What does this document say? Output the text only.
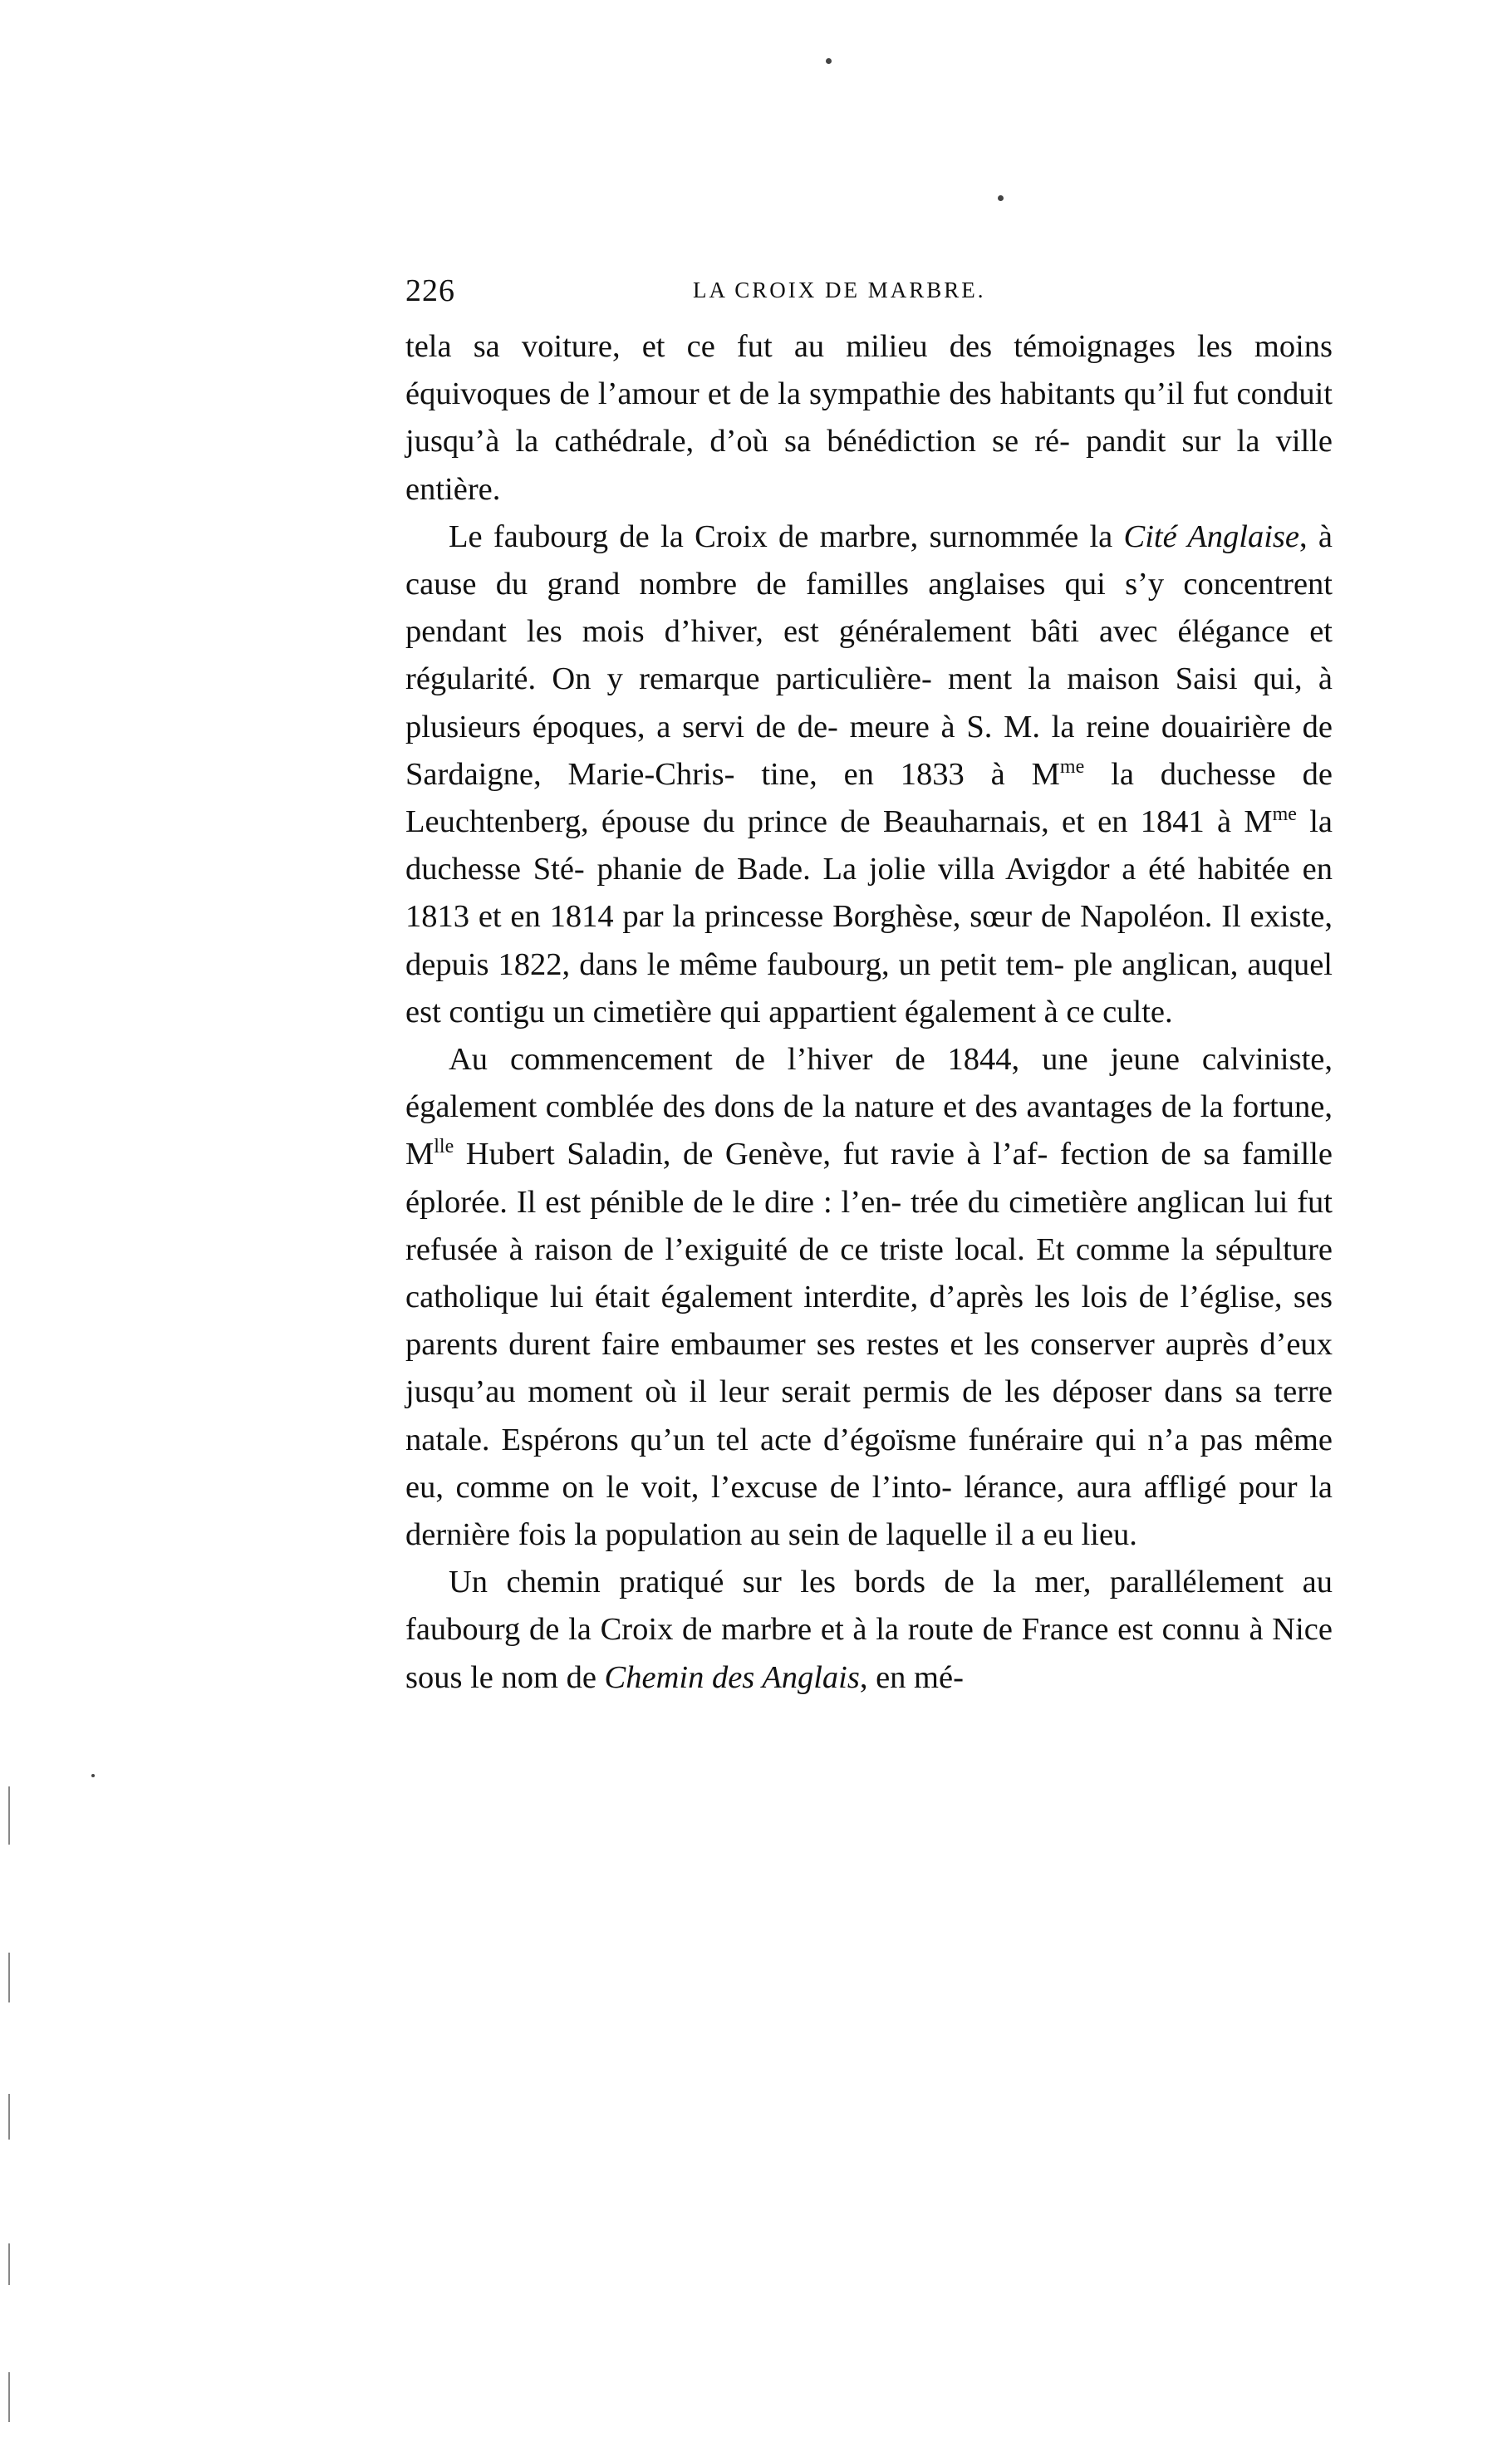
226	LA CROIX DE MARBRE.

tela sa voiture, et ce fut au milieu des témoignages les moins équivoques de l’amour et de la sympathie des habitants qu’il fut conduit jusqu’à la cathédrale, d’où sa bénédiction se ré- pandit sur la ville entière.

Le faubourg de la Croix de marbre, surnommée la Cité Anglaise, à cause du grand nombre de familles anglaises qui s’y concentrent pendant les mois d’hiver, est généralement bâti avec élégance et régularité. On y remarque particulière- ment la maison Saisi qui, à plusieurs époques, a servi de de- meure à S. M. la reine douairière de Sardaigne, Marie-Chris- tine, en 1833 à $M^{me}$ la duchesse de Leuchtenberg, épouse du prince de Beauharnais, et en 1841 à $M^{me}$ la duchesse Sté- phanie de Bade. La jolie villa Avigdor a été habitée en 1813 et en 1814 par la princesse Borghèse, sœur de Napoléon. Il existe, depuis 1822, dans le même faubourg, un petit tem- ple anglican, auquel est contigu un cimetière qui appartient également à ce culte.

Au commencement de l’hiver de 1844, une jeune calviniste, également comblée des dons de la nature et des avantages de la fortune, $M^{lle}$ Hubert Saladin, de Genève, fut ravie à l’af- fection de sa famille éplorée. Il est pénible de le dire : l’en- trée du cimetière anglican lui fut refusée à raison de l’exiguité de ce triste local. Et comme la sépulture catholique lui était également interdite, d’après les lois de l’église, ses parents durent faire embaumer ses restes et les conserver auprès d’eux jusqu’au moment où il leur serait permis de les déposer dans sa terre natale. Espérons qu’un tel acte d’égoïsme funéraire qui n’a pas même eu, comme on le voit, l’excuse de l’into- lérance, aura affligé pour la dernière fois la population au sein de laquelle il a eu lieu.

Un chemin pratiqué sur les bords de la mer, parallélement au faubourg de la Croix de marbre et à la route de France est connu à Nice sous le nom de Chemin des Anglais, en mé-
